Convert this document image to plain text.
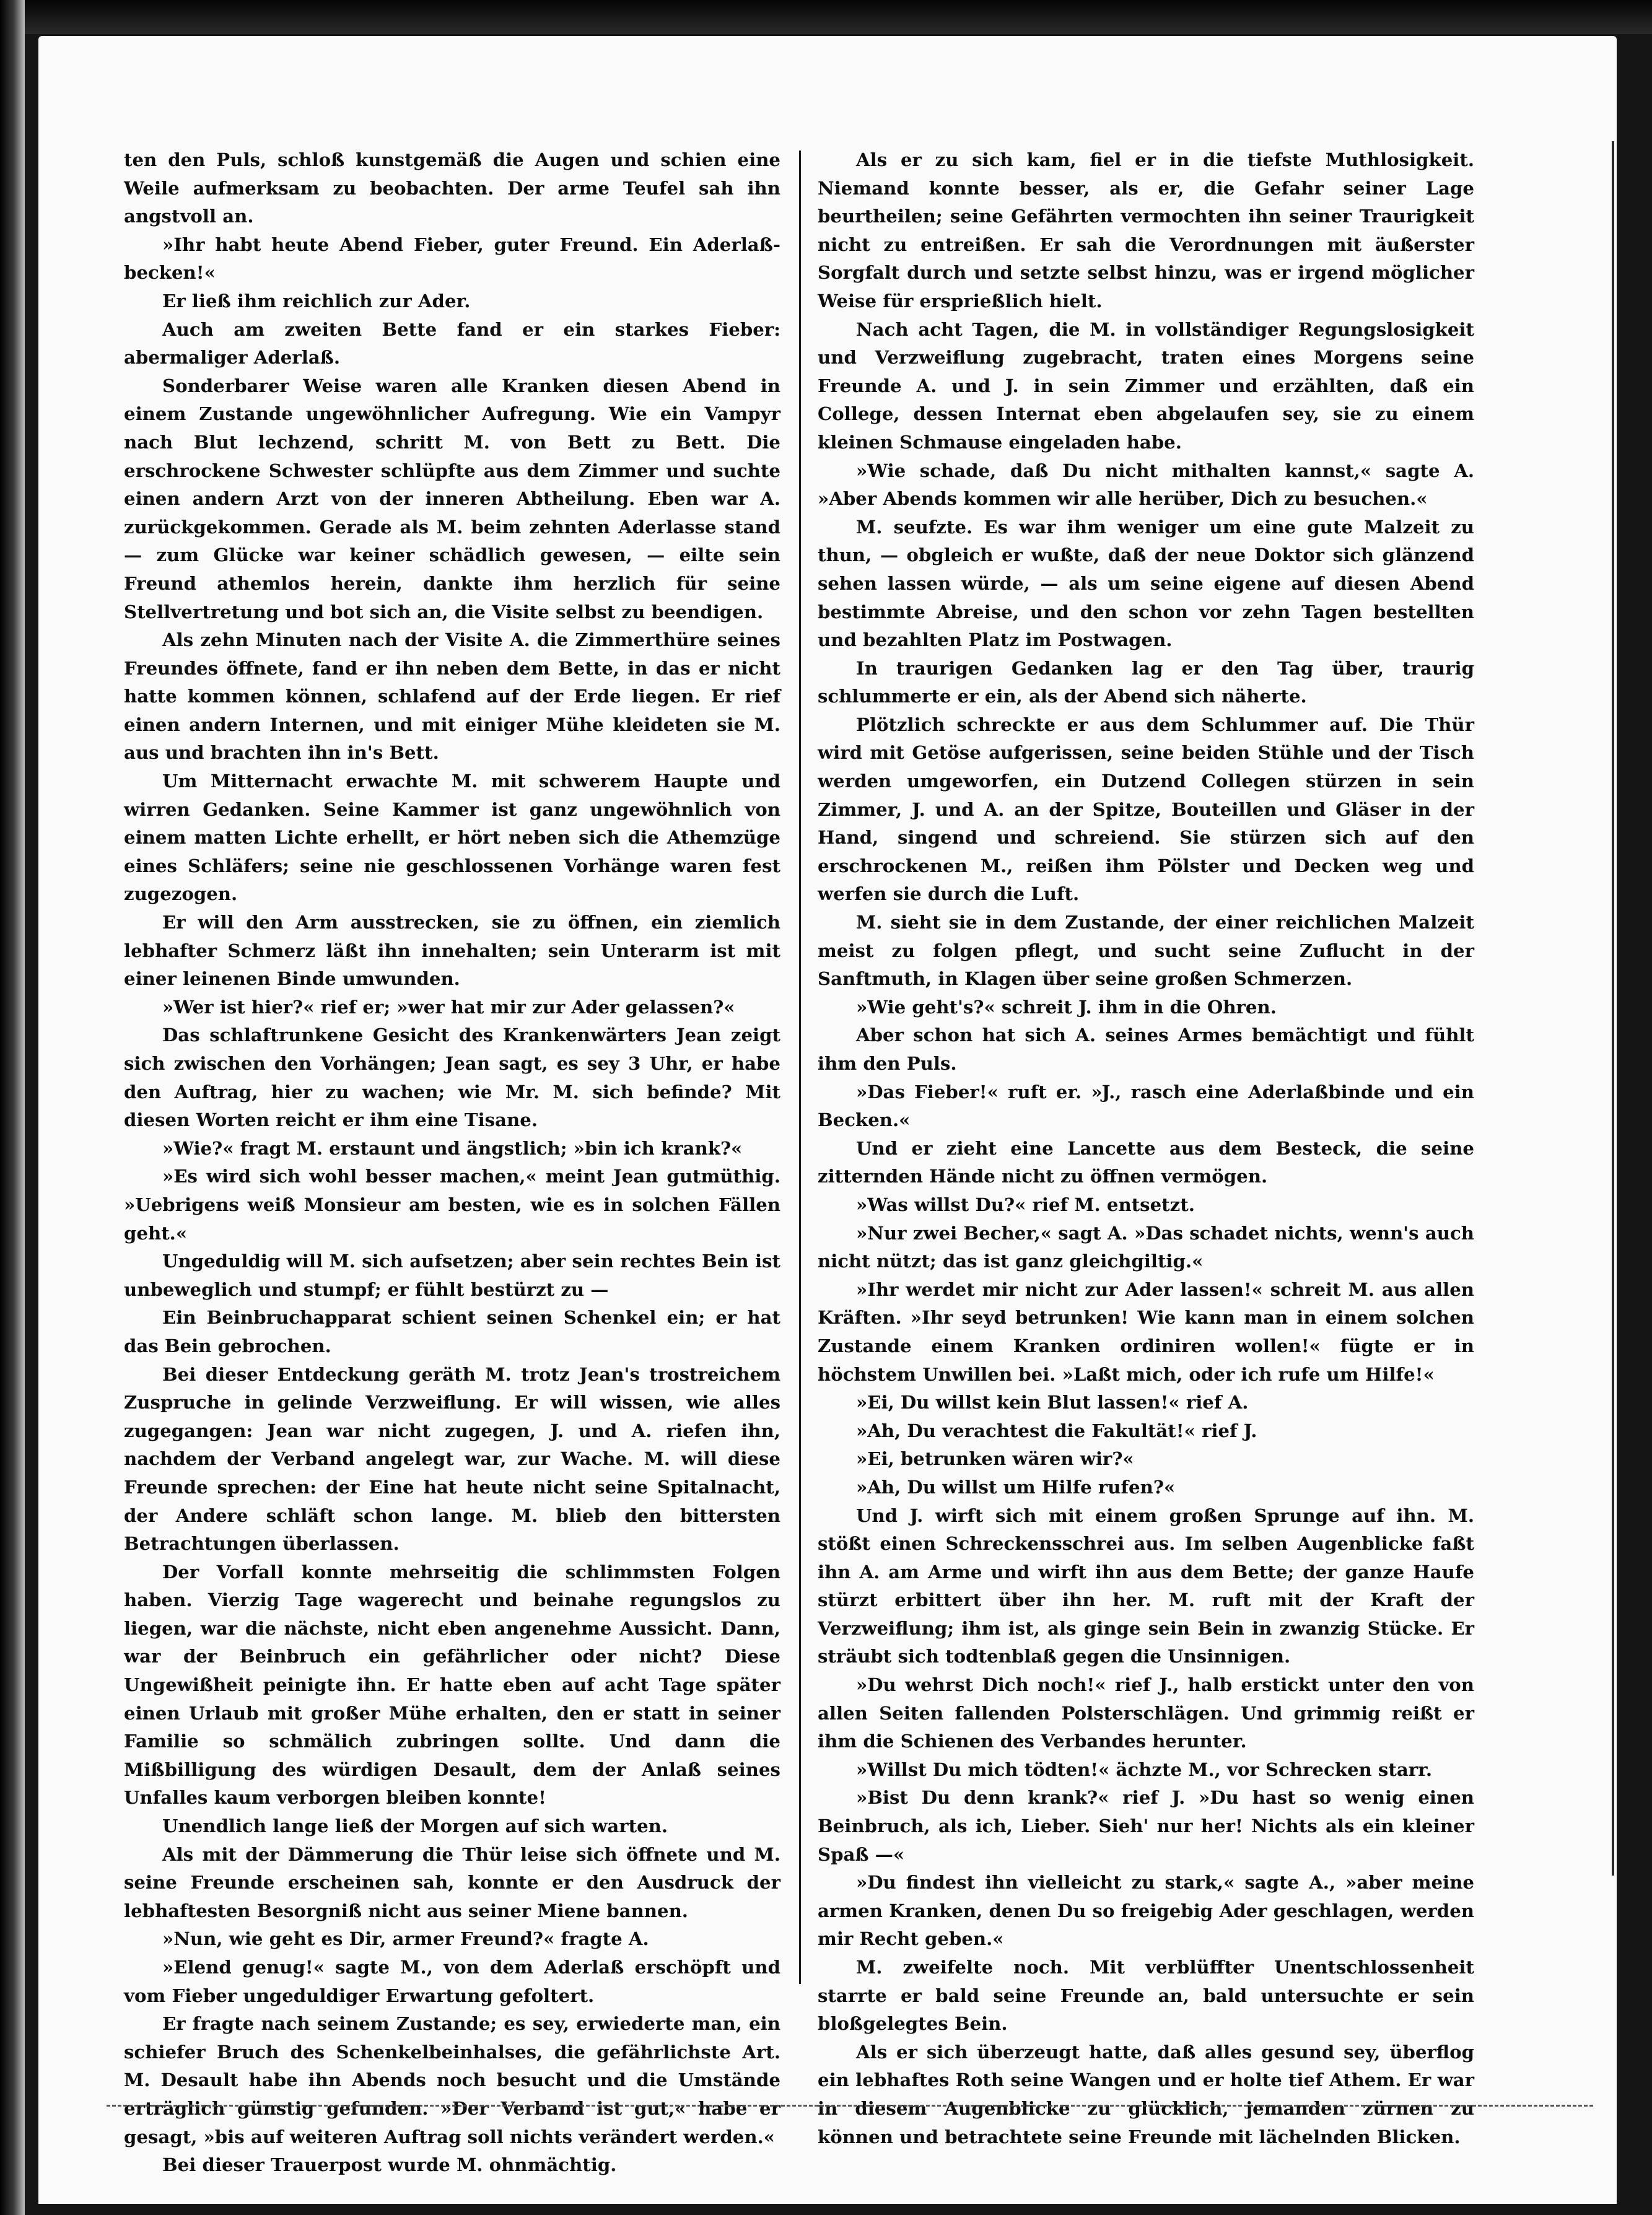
ten den Puls, schloß kunstgemäß die Augen und schien eine Weile aufmerksam zu beobachten. Der arme Teufel sah ihn angstvoll an.

»Ihr habt heute Abend Fieber, guter Freund. Ein Aderlaß-becken!«

Er ließ ihm reichlich zur Ader.

Auch am zweiten Bette fand er ein starkes Fieber: abermaliger Aderlaß.

Sonderbarer Weise waren alle Kranken diesen Abend in einem Zustande ungewöhnlicher Aufregung. Wie ein Vampyr nach Blut lechzend, schritt M. von Bett zu Bett. Die erschrockene Schwester schlüpfte aus dem Zimmer und suchte einen andern Arzt von der inneren Abtheilung. Eben war A. zurückgekommen. Gerade als M. beim zehnten Aderlasse stand — zum Glücke war keiner schädlich gewesen, — eilte sein Freund athemlos herein, dankte ihm herzlich für seine Stellvertretung und bot sich an, die Visite selbst zu beendigen.

Als zehn Minuten nach der Visite A. die Zimmerthüre seines Freundes öffnete, fand er ihn neben dem Bette, in das er nicht hatte kommen können, schlafend auf der Erde liegen. Er rief einen andern Internen, und mit einiger Mühe kleideten sie M. aus und brachten ihn in's Bett.

Um Mitternacht erwachte M. mit schwerem Haupte und wirren Gedanken. Seine Kammer ist ganz ungewöhnlich von einem matten Lichte erhellt, er hört neben sich die Athemzüge eines Schläfers; seine nie geschlossenen Vorhänge waren fest zugezogen.

Er will den Arm ausstrecken, sie zu öffnen, ein ziemlich lebhafter Schmerz läßt ihn innehalten; sein Unterarm ist mit einer leinenen Binde umwunden.

»Wer ist hier?« rief er; »wer hat mir zur Ader gelassen?«

Das schlaftrunkene Gesicht des Krankenwärters Jean zeigt sich zwischen den Vorhängen; Jean sagt, es sey 3 Uhr, er habe den Auftrag, hier zu wachen; wie Mr. M. sich befinde? Mit diesen Worten reicht er ihm eine Tisane.

»Wie?« fragt M. erstaunt und ängstlich; »bin ich krank?«

»Es wird sich wohl besser machen,« meint Jean gutmüthig. »Uebrigens weiß Monsieur am besten, wie es in solchen Fällen geht.«

Ungeduldig will M. sich aufsetzen; aber sein rechtes Bein ist unbeweglich und stumpf; er fühlt bestürzt zu —

Ein Beinbruchapparat schient seinen Schenkel ein; er hat das Bein gebrochen.

Bei dieser Entdeckung geräth M. trotz Jean's trostreichem Zuspruche in gelinde Verzweiflung. Er will wissen, wie alles zugegangen: Jean war nicht zugegen, J. und A. riefen ihn, nachdem der Verband angelegt war, zur Wache. M. will diese Freunde sprechen: der Eine hat heute nicht seine Spitalnacht, der Andere schläft schon lange. M. blieb den bittersten Betrachtungen überlassen.

Der Vorfall konnte mehrseitig die schlimmsten Folgen haben. Vierzig Tage wagerecht und beinahe regungslos zu liegen, war die nächste, nicht eben angenehme Aussicht. Dann, war der Beinbruch ein gefährlicher oder nicht? Diese Ungewißheit peinigte ihn. Er hatte eben auf acht Tage später einen Urlaub mit großer Mühe erhalten, den er statt in seiner Familie so schmälich zubringen sollte. Und dann die Mißbilligung des würdigen Desault, dem der Anlaß seines Unfalles kaum verborgen bleiben konnte!

Unendlich lange ließ der Morgen auf sich warten.

Als mit der Dämmerung die Thür leise sich öffnete und M. seine Freunde erscheinen sah, konnte er den Ausdruck der lebhaftesten Besorgniß nicht aus seiner Miene bannen.

»Nun, wie geht es Dir, armer Freund?« fragte A.

»Elend genug!« sagte M., von dem Aderlaß erschöpft und vom Fieber ungeduldiger Erwartung gefoltert.

Er fragte nach seinem Zustande; es sey, erwiederte man, ein schiefer Bruch des Schenkelbeinhalses, die gefährlichste Art. M. Desault habe ihn Abends noch besucht und die Umstände erträglich günstig gefunden. »Der Verband ist gut,« habe er gesagt, »bis auf weiteren Auftrag soll nichts verändert werden.«

Bei dieser Trauerpost wurde M. ohnmächtig.

Als er zu sich kam, fiel er in die tiefste Muthlosigkeit. Niemand konnte besser, als er, die Gefahr seiner Lage beurtheilen; seine Gefährten vermochten ihn seiner Traurigkeit nicht zu entreißen. Er sah die Verordnungen mit äußerster Sorgfalt durch und setzte selbst hinzu, was er irgend möglicher Weise für ersprießlich hielt.

Nach acht Tagen, die M. in vollständiger Regungslosigkeit und Verzweiflung zugebracht, traten eines Morgens seine Freunde A. und J. in sein Zimmer und erzählten, daß ein College, dessen Internat eben abgelaufen sey, sie zu einem kleinen Schmause eingeladen habe.

»Wie schade, daß Du nicht mithalten kannst,« sagte A. »Aber Abends kommen wir alle herüber, Dich zu besuchen.«

M. seufzte. Es war ihm weniger um eine gute Malzeit zu thun, — obgleich er wußte, daß der neue Doktor sich glänzend sehen lassen würde, — als um seine eigene auf diesen Abend bestimmte Abreise, und den schon vor zehn Tagen bestellten und bezahlten Platz im Postwagen.

In traurigen Gedanken lag er den Tag über, traurig schlummerte er ein, als der Abend sich näherte.

Plötzlich schreckte er aus dem Schlummer auf. Die Thür wird mit Getöse aufgerissen, seine beiden Stühle und der Tisch werden umgeworfen, ein Dutzend Collegen stürzen in sein Zimmer, J. und A. an der Spitze, Bouteillen und Gläser in der Hand, singend und schreiend. Sie stürzen sich auf den erschrockenen M., reißen ihm Pölster und Decken weg und werfen sie durch die Luft.

M. sieht sie in dem Zustande, der einer reichlichen Malzeit meist zu folgen pflegt, und sucht seine Zuflucht in der Sanftmuth, in Klagen über seine großen Schmerzen.

»Wie geht's?« schreit J. ihm in die Ohren.

Aber schon hat sich A. seines Armes bemächtigt und fühlt ihm den Puls.

»Das Fieber!« ruft er. »J., rasch eine Aderlaßbinde und ein Becken.«

Und er zieht eine Lancette aus dem Besteck, die seine zitternden Hände nicht zu öffnen vermögen.

»Was willst Du?« rief M. entsetzt.

»Nur zwei Becher,« sagt A. »Das schadet nichts, wenn's auch nicht nützt; das ist ganz gleichgiltig.«

»Ihr werdet mir nicht zur Ader lassen!« schreit M. aus allen Kräften. »Ihr seyd betrunken! Wie kann man in einem solchen Zustande einem Kranken ordiniren wollen!« fügte er in höchstem Unwillen bei. »Laßt mich, oder ich rufe um Hilfe!«

»Ei, Du willst kein Blut lassen!« rief A.

»Ah, Du verachtest die Fakultät!« rief J.

»Ei, betrunken wären wir?«

»Ah, Du willst um Hilfe rufen?«

Und J. wirft sich mit einem großen Sprunge auf ihn. M. stößt einen Schreckensschrei aus. Im selben Augenblicke faßt ihn A. am Arme und wirft ihn aus dem Bette; der ganze Haufe stürzt erbittert über ihn her. M. ruft mit der Kraft der Verzweiflung; ihm ist, als ginge sein Bein in zwanzig Stücke. Er sträubt sich todtenblaß gegen die Unsinnigen.

»Du wehrst Dich noch!« rief J., halb erstickt unter den von allen Seiten fallenden Polsterschlägen. Und grimmig reißt er ihm die Schienen des Verbandes herunter.

»Willst Du mich tödten!« ächzte M., vor Schrecken starr.

»Bist Du denn krank?« rief J. »Du hast so wenig einen Beinbruch, als ich, Lieber. Sieh' nur her! Nichts als ein kleiner Spaß —«

»Du findest ihn vielleicht zu stark,« sagte A., »aber meine armen Kranken, denen Du so freigebig Ader geschlagen, werden mir Recht geben.«

M. zweifelte noch. Mit verblüffter Unentschlossenheit starrte er bald seine Freunde an, bald untersuchte er sein bloßgelegtes Bein.

Als er sich überzeugt hatte, daß alles gesund sey, überflog ein lebhaftes Roth seine Wangen und er holte tief Athem. Er war in diesem Augenblicke zu glücklich, jemanden zürnen zu können und betrachtete seine Freunde mit lächelnden Blicken.
